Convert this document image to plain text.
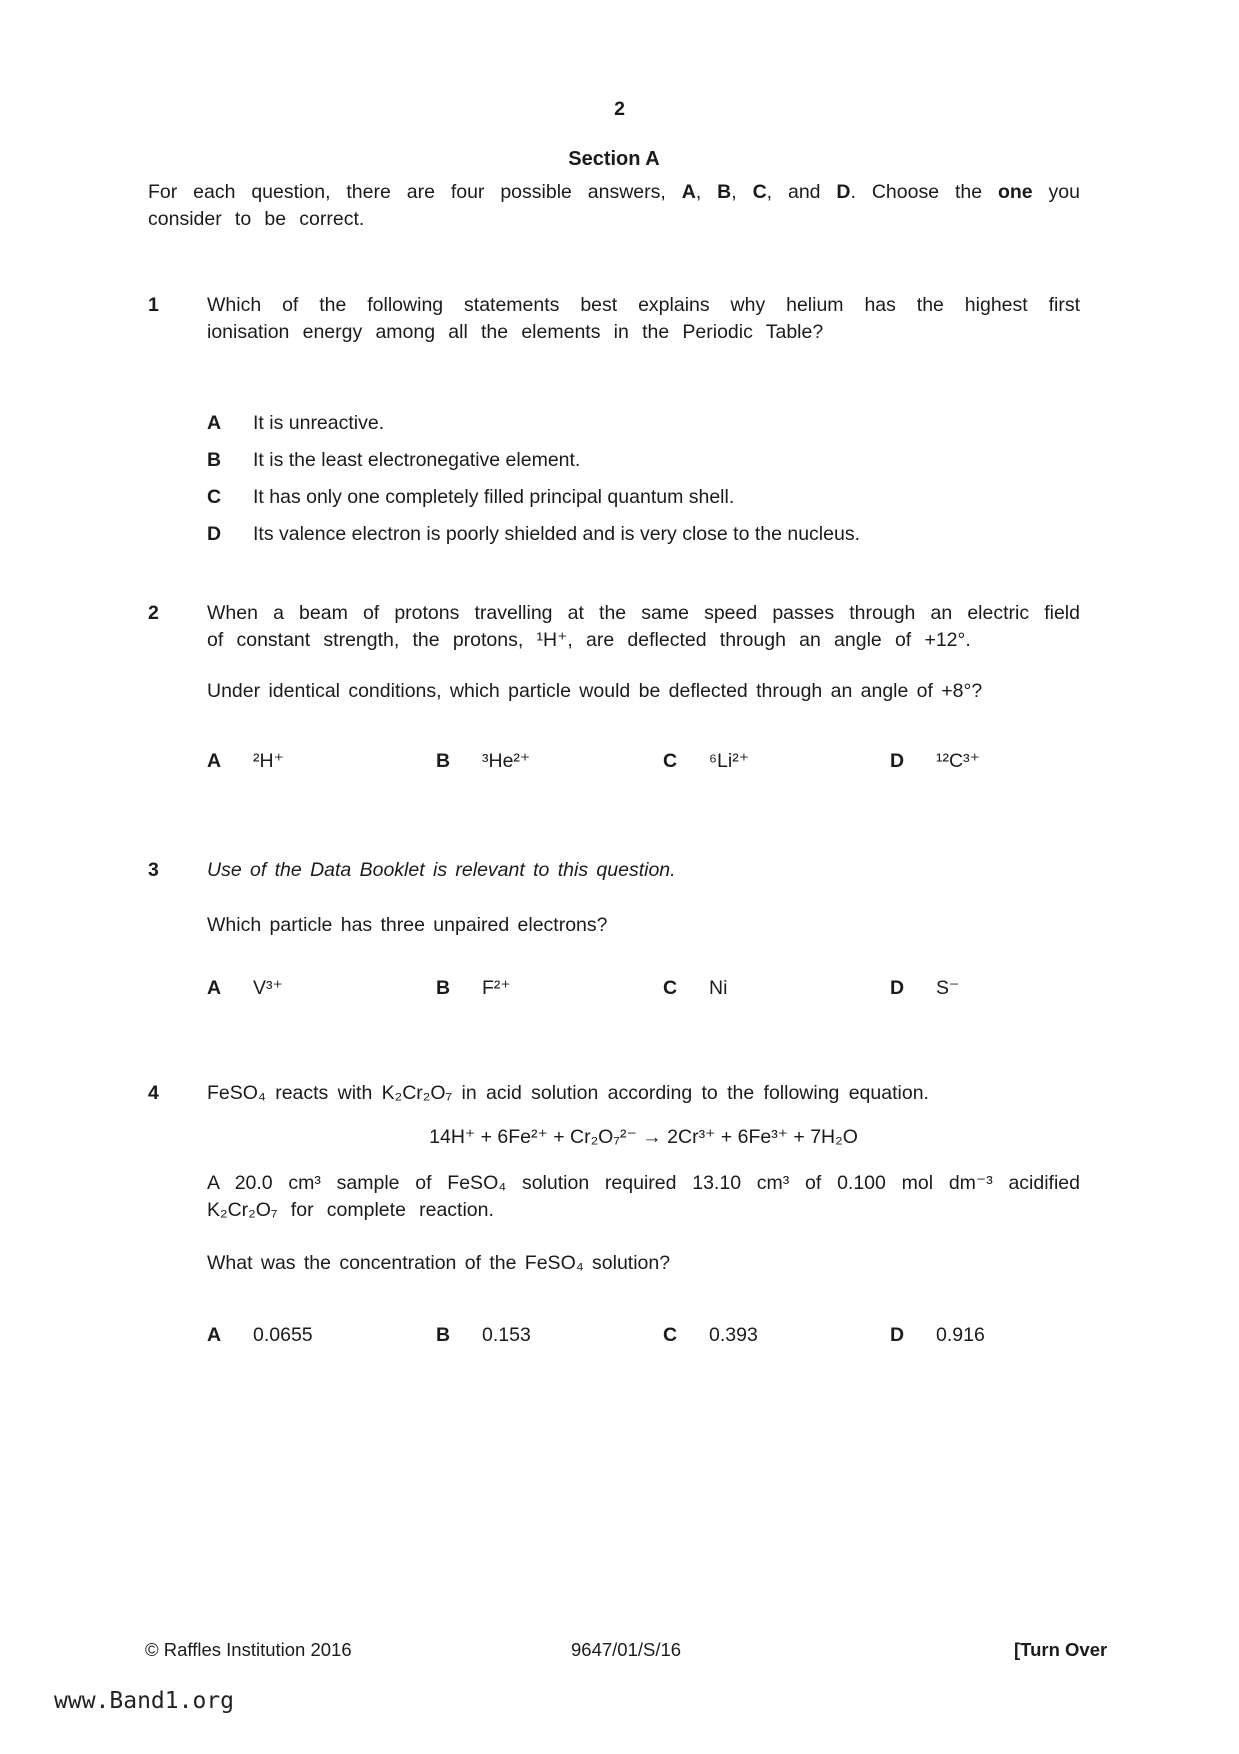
2
Section A
For each question, there are four possible answers, A, B, C, and D. Choose the one you consider to be correct.
1 Which of the following statements best explains why helium has the highest first ionisation energy among all the elements in the Periodic Table?
A	It is unreactive.
B	It is the least electronegative element.
C	It has only one completely filled principal quantum shell.
D	Its valence electron is poorly shielded and is very close to the nucleus.
2 When a beam of protons travelling at the same speed passes through an electric field of constant strength, the protons, ¹H⁺, are deflected through an angle of +12°.
Under identical conditions, which particle would be deflected through an angle of +8°?
A	²H⁺	B	³He²⁺	C	⁶Li²⁺	D	¹²C³⁺
3 Use of the Data Booklet is relevant to this question.
Which particle has three unpaired electrons?
A	V³⁺	B	F²⁺	C	Ni	D	S⁻
4 FeSO₄ reacts with K₂Cr₂O₇ in acid solution according to the following equation.
14H⁺ + 6Fe²⁺ + Cr₂O₇²⁻ → 2Cr³⁺ + 6Fe³⁺ + 7H₂O
A 20.0 cm³ sample of FeSO₄ solution required 13.10 cm³ of 0.100 mol dm⁻³ acidified K₂Cr₂O₇ for complete reaction.
What was the concentration of the FeSO₄ solution?
A	0.0655	B	0.153	C	0.393	D	0.916
© Raffles Institution 2016	9647/01/S/16	[Turn Over
www.Band1.org
